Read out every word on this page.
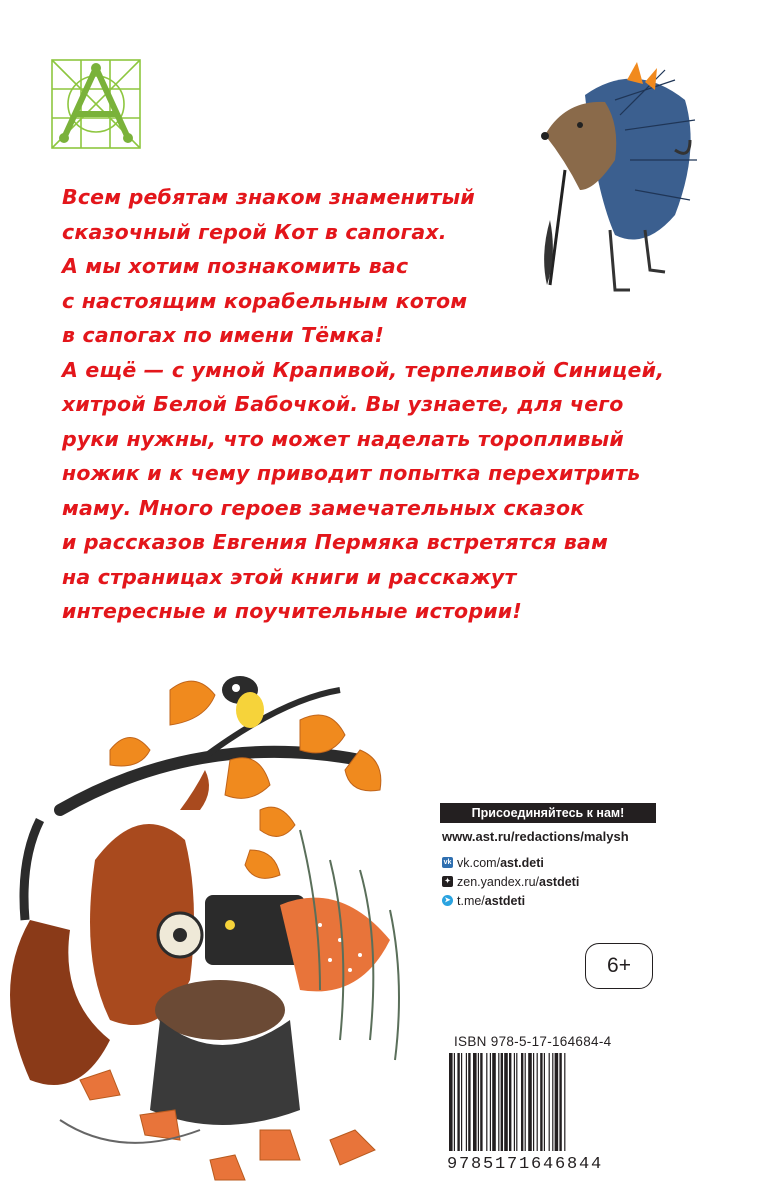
Всем ребятам знаком знаменитый
сказочный герой Кот в сапогах.
А мы хотим познакомить вас
с настоящим корабельным котом
в сапогах по имени Тёмка!
А ещё — с умной Крапивой, терпеливой Синицей,
хитрой Белой Бабочкой. Вы узнаете, для чего
руки нужны, что может наделать торопливый
ножик и к чему приводит попытка перехитрить
маму. Много героев замечательных сказок
и рассказов Евгения Пермяка встретятся вам
на страницах этой книги и расскажут
интересные и поучительные истории!
Присоединяйтесь к нам!
www.ast.ru/redactions/malysh
vk vk.com/ ast.deti
✦ zen.yandex.ru/ astdeti
➤ t.me/ astdeti
6+
ISBN 978-5-17-164684-4
9785171646844
